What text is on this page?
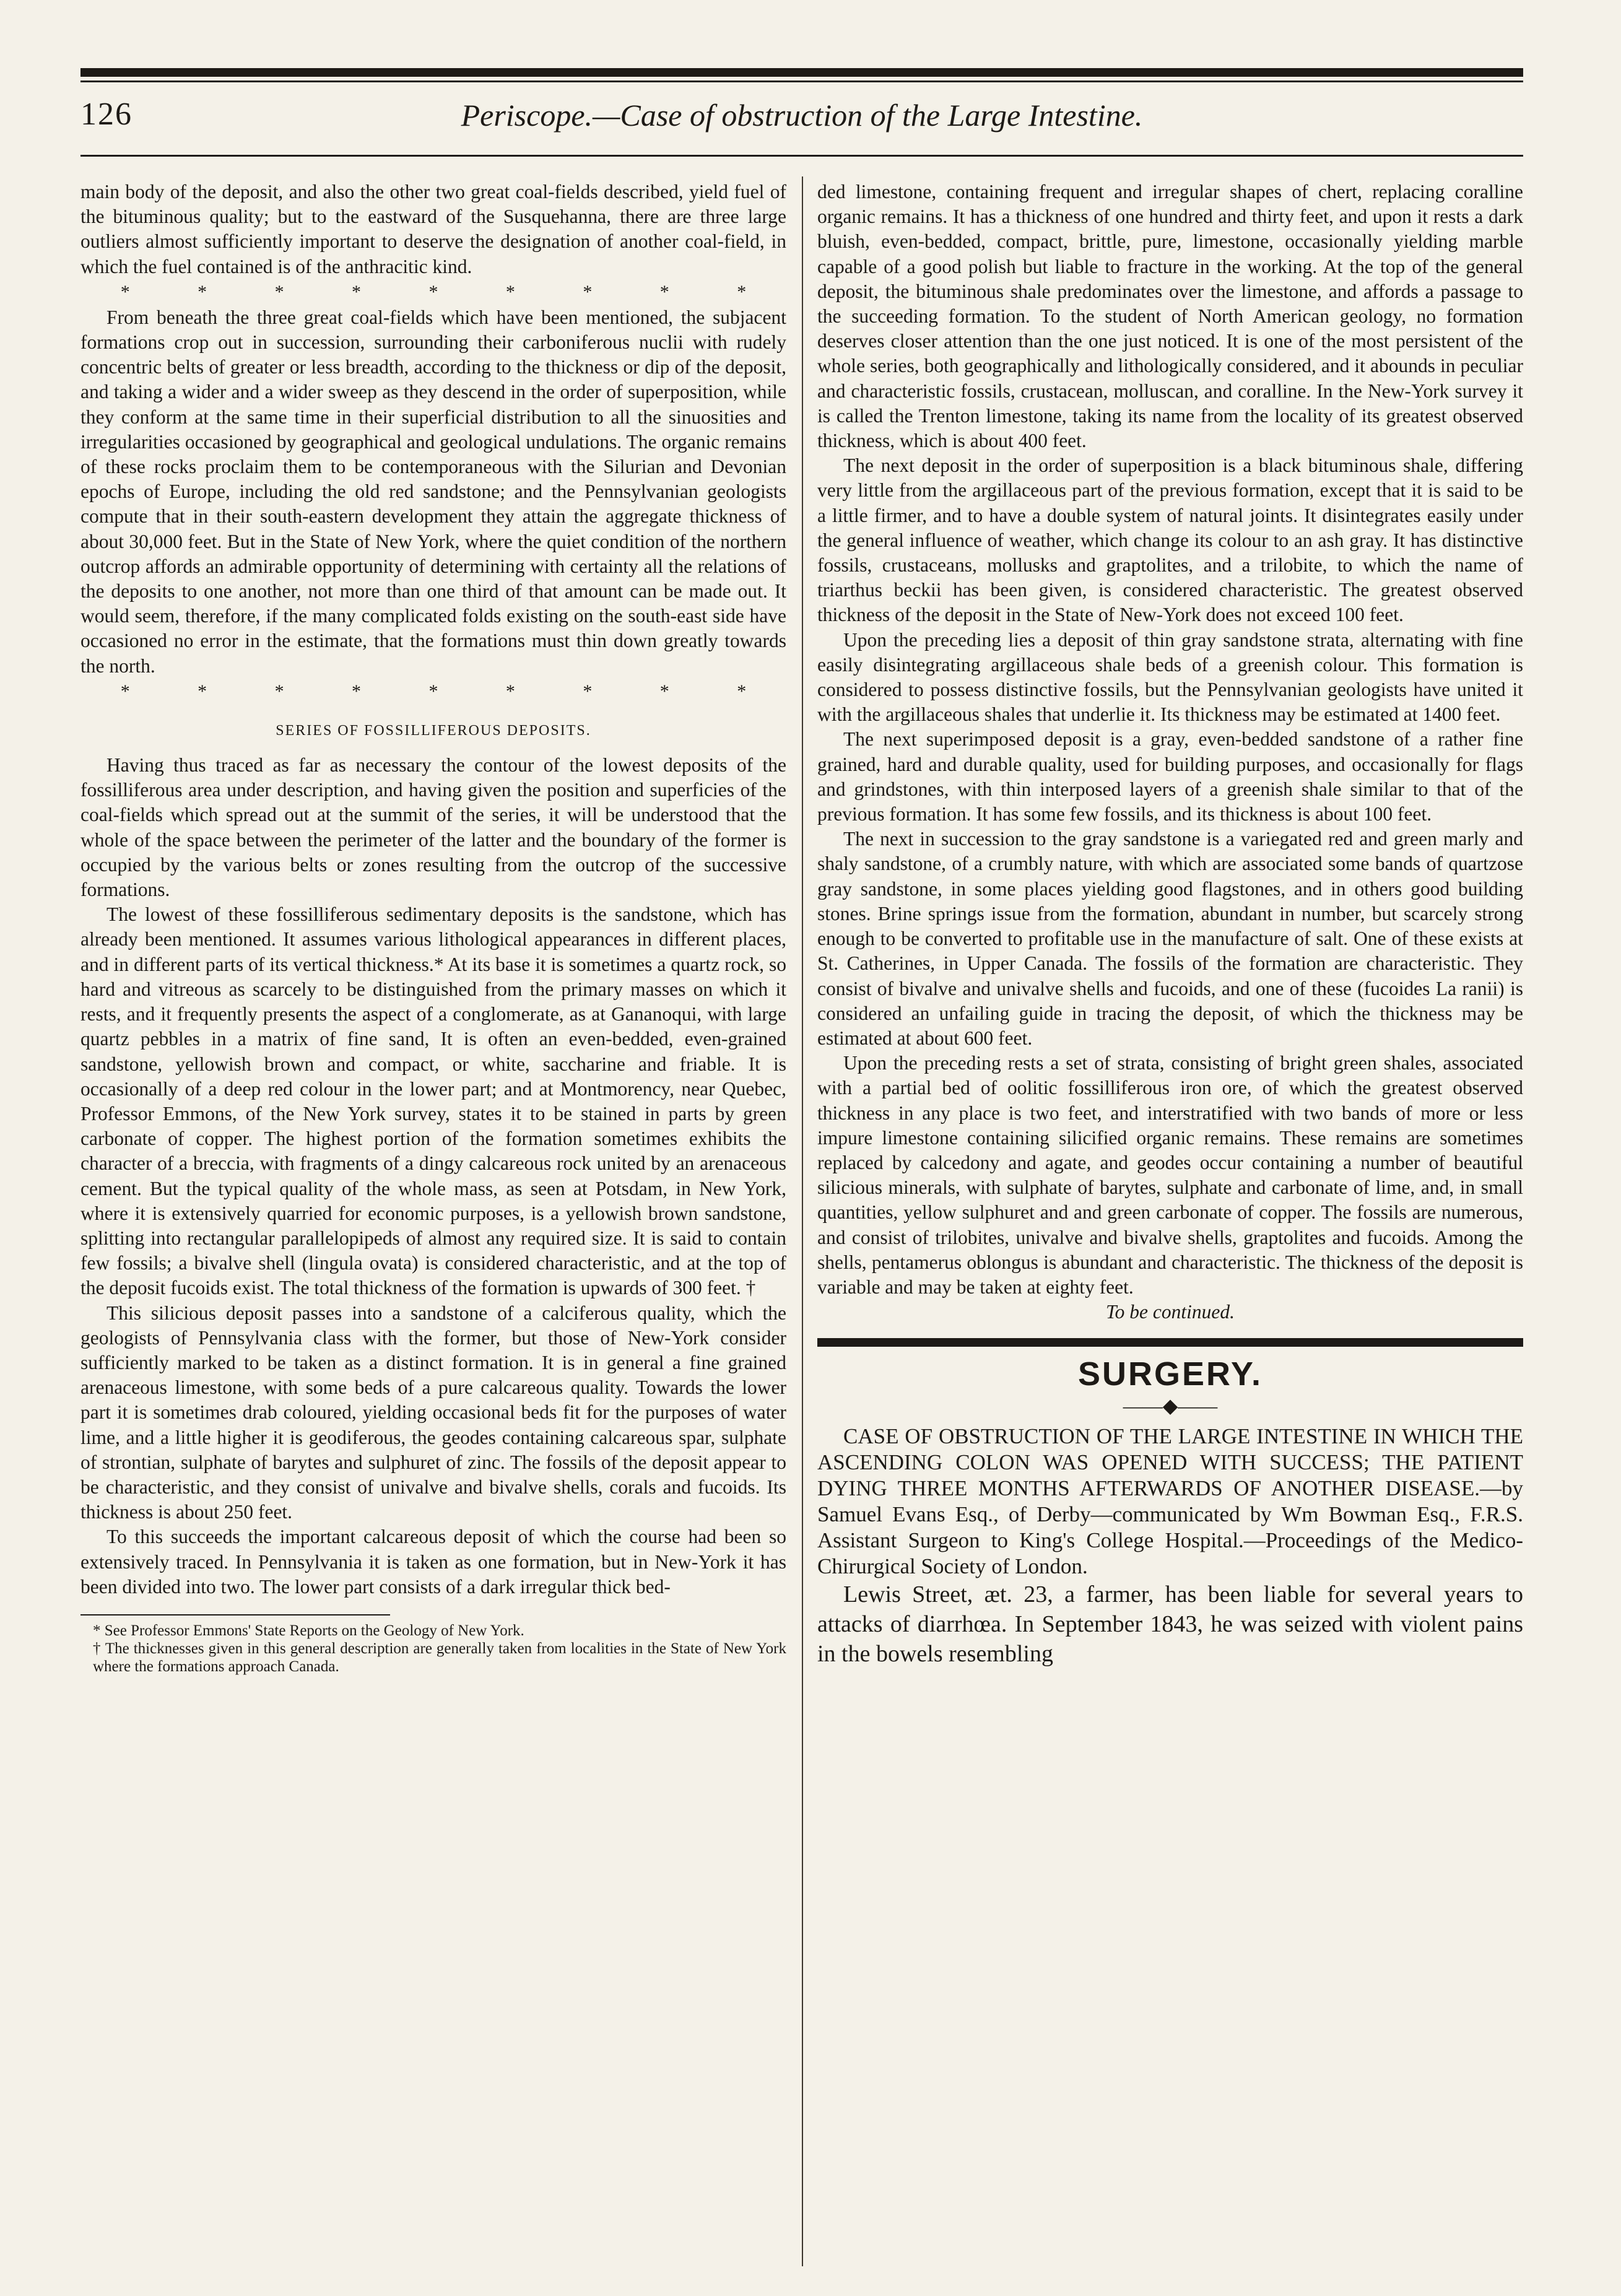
126	Periscope.—Case of obstruction of the Large Intestine.

main body of the deposit, and also the other two great coal-fields described, yield fuel of the bituminous quality; but to the eastward of the Susquehanna, there are three large outliers almost sufficiently important to deserve the designation of another coal-field, in which the fuel contained is of the anthracitic kind.

*	*	*	*	*	*	*	*	*

From beneath the three great coal-fields which have been mentioned, the subjacent formations crop out in succession, surrounding their carboniferous nuclii with rudely concentric belts of greater or less breadth, according to the thickness or dip of the deposit, and taking a wider and a wider sweep as they descend in the order of superposition, while they conform at the same time in their superficial distribution to all the sinuosities and irregularities occasioned by geographical and geological undulations. The organic remains of these rocks proclaim them to be contemporaneous with the Silurian and Devonian epochs of Europe, including the old red sandstone; and the Pennsylvanian geologists compute that in their south-eastern development they attain the aggregate thickness of about 30,000 feet. But in the State of New York, where the quiet condition of the northern outcrop affords an admirable opportunity of determining with certainty all the relations of the deposits to one another, not more than one third of that amount can be made out. It would seem, therefore, if the many complicated folds existing on the south-east side have occasioned no error in the estimate, that the formations must thin down greatly towards the north.

*	*	*	*	*	*	*	*	*
SERIES OF FOSSILLIFEROUS DEPOSITS.

Having thus traced as far as necessary the contour of the lowest deposits of the fossilliferous area under description, and having given the position and superficies of the coal-fields which spread out at the summit of the series, it will be understood that the whole of the space between the perimeter of the latter and the boundary of the former is occupied by the various belts or zones resulting from the outcrop of the successive formations.

The lowest of these fossilliferous sedimentary deposits is the sandstone, which has already been mentioned. It assumes various lithological appearances in different places, and in different parts of its vertical thickness.* At its base it is sometimes a quartz rock, so hard and vitreous as scarcely to be distinguished from the primary masses on which it rests, and it frequently presents the aspect of a conglomerate, as at Gananoqui, with large quartz pebbles in a matrix of fine sand, It is often an even-bedded, even-grained sandstone, yellowish brown and compact, or white, saccharine and friable. It is occasionally of a deep red colour in the lower part; and at Montmorency, near Quebec, Professor Emmons, of the New York survey, states it to be stained in parts by green carbonate of copper. The highest portion of the formation sometimes exhibits the character of a breccia, with fragments of a dingy calcareous rock united by an arenaceous cement. But the typical quality of the whole mass, as seen at Potsdam, in New York, where it is extensively quarried for economic purposes, is a yellowish brown sandstone, splitting into rectangular parallelopipeds of almost any required size. It is said to contain few fossils; a bivalve shell (lingula ovata) is considered characteristic, and at the top of the deposit fucoids exist. The total thickness of the formation is upwards of 300 feet. †

This silicious deposit passes into a sandstone of a calciferous quality, which the geologists of Pennsylvania class with the former, but those of New-York consider sufficiently marked to be taken as a distinct formation. It is in general a fine grained arenaceous limestone, with some beds of a pure calcareous quality. Towards the lower part it is sometimes drab coloured, yielding occasional beds fit for the purposes of water lime, and a little higher it is geodiferous, the geodes containing calcareous spar, sulphate of strontian, sulphate of barytes and sulphuret of zinc. The fossils of the deposit appear to be characteristic, and they consist of univalve and bivalve shells, corals and fucoids. Its thickness is about 250 feet.

To this succeeds the important calcareous deposit of which the course had been so extensively traced. In Pennsylvania it is taken as one formation, but in New-York it has been divided into two. The lower part consists of a dark irregular thick bed-

* See Professor Emmons' State Reports on the Geology of New York.

† The thicknesses given in this general description are generally taken from localities in the State of New York where the formations approach Canada.

ded limestone, containing frequent and irregular shapes of chert, replacing coralline organic remains. It has a thickness of one hundred and thirty feet, and upon it rests a dark bluish, even-bedded, compact, brittle, pure, limestone, occasionally yielding marble capable of a good polish but liable to fracture in the working. At the top of the general deposit, the bituminous shale predominates over the limestone, and affords a passage to the succeeding formation. To the student of North American geology, no formation deserves closer attention than the one just noticed. It is one of the most persistent of the whole series, both geographically and lithologically considered, and it abounds in peculiar and characteristic fossils, crustacean, molluscan, and coralline. In the New-York survey it is called the Trenton limestone, taking its name from the locality of its greatest observed thickness, which is about 400 feet.

The next deposit in the order of superposition is a black bituminous shale, differing very little from the argillaceous part of the previous formation, except that it is said to be a little firmer, and to have a double system of natural joints. It disintegrates easily under the general influence of weather, which change its colour to an ash gray. It has distinctive fossils, crustaceans, mollusks and graptolites, and a trilobite, to which the name of triarthus beckii has been given, is considered characteristic. The greatest observed thickness of the deposit in the State of New-York does not exceed 100 feet.

Upon the preceding lies a deposit of thin gray sandstone strata, alternating with fine easily disintegrating argillaceous shale beds of a greenish colour. This formation is considered to possess distinctive fossils, but the Pennsylvanian geologists have united it with the argillaceous shales that underlie it. Its thickness may be estimated at 1400 feet.

The next superimposed deposit is a gray, even-bedded sandstone of a rather fine grained, hard and durable quality, used for building purposes, and occasionally for flags and grindstones, with thin interposed layers of a greenish shale similar to that of the previous formation. It has some few fossils, and its thickness is about 100 feet.

The next in succession to the gray sandstone is a variegated red and green marly and shaly sandstone, of a crumbly nature, with which are associated some bands of quartzose gray sandstone, in some places yielding good flagstones, and in others good building stones. Brine springs issue from the formation, abundant in number, but scarcely strong enough to be converted to profitable use in the manufacture of salt. One of these exists at St. Catherines, in Upper Canada. The fossils of the formation are characteristic. They consist of bivalve and univalve shells and fucoids, and one of these (fucoides La ranii) is considered an unfailing guide in tracing the deposit, of which the thickness may be estimated at about 600 feet.

Upon the preceding rests a set of strata, consisting of bright green shales, associated with a partial bed of oolitic fossilliferous iron ore, of which the greatest observed thickness in any place is two feet, and interstratified with two bands of more or less impure limestone containing silicified organic remains. These remains are sometimes replaced by calcedony and agate, and geodes occur containing a number of beautiful silicious minerals, with sulphate of barytes, sulphate and carbonate of lime, and, in small quantities, yellow sulphuret and and green carbonate of copper. The fossils are numerous, and consist of trilobites, univalve and bivalve shells, graptolites and fucoids. Among the shells, pentamerus oblongus is abundant and characteristic. The thickness of the deposit is variable and may be taken at eighty feet.

To be continued.
SURGERY.
——◆——

CASE OF OBSTRUCTION OF THE LARGE INTESTINE IN WHICH THE ASCENDING COLON WAS OPENED WITH SUCCESS; THE PATIENT DYING THREE MONTHS AFTERWARDS OF ANOTHER DISEASE.—by Samuel Evans Esq., of Derby—communicated by Wm Bowman Esq., F.R.S. Assistant Surgeon to King's College Hospital.—Proceedings of the Medico-Chirurgical Society of London.

Lewis Street, æt. 23, a farmer, has been liable for several years to attacks of diarrhœa. In September 1843, he was seized with violent pains in the bowels resembling
